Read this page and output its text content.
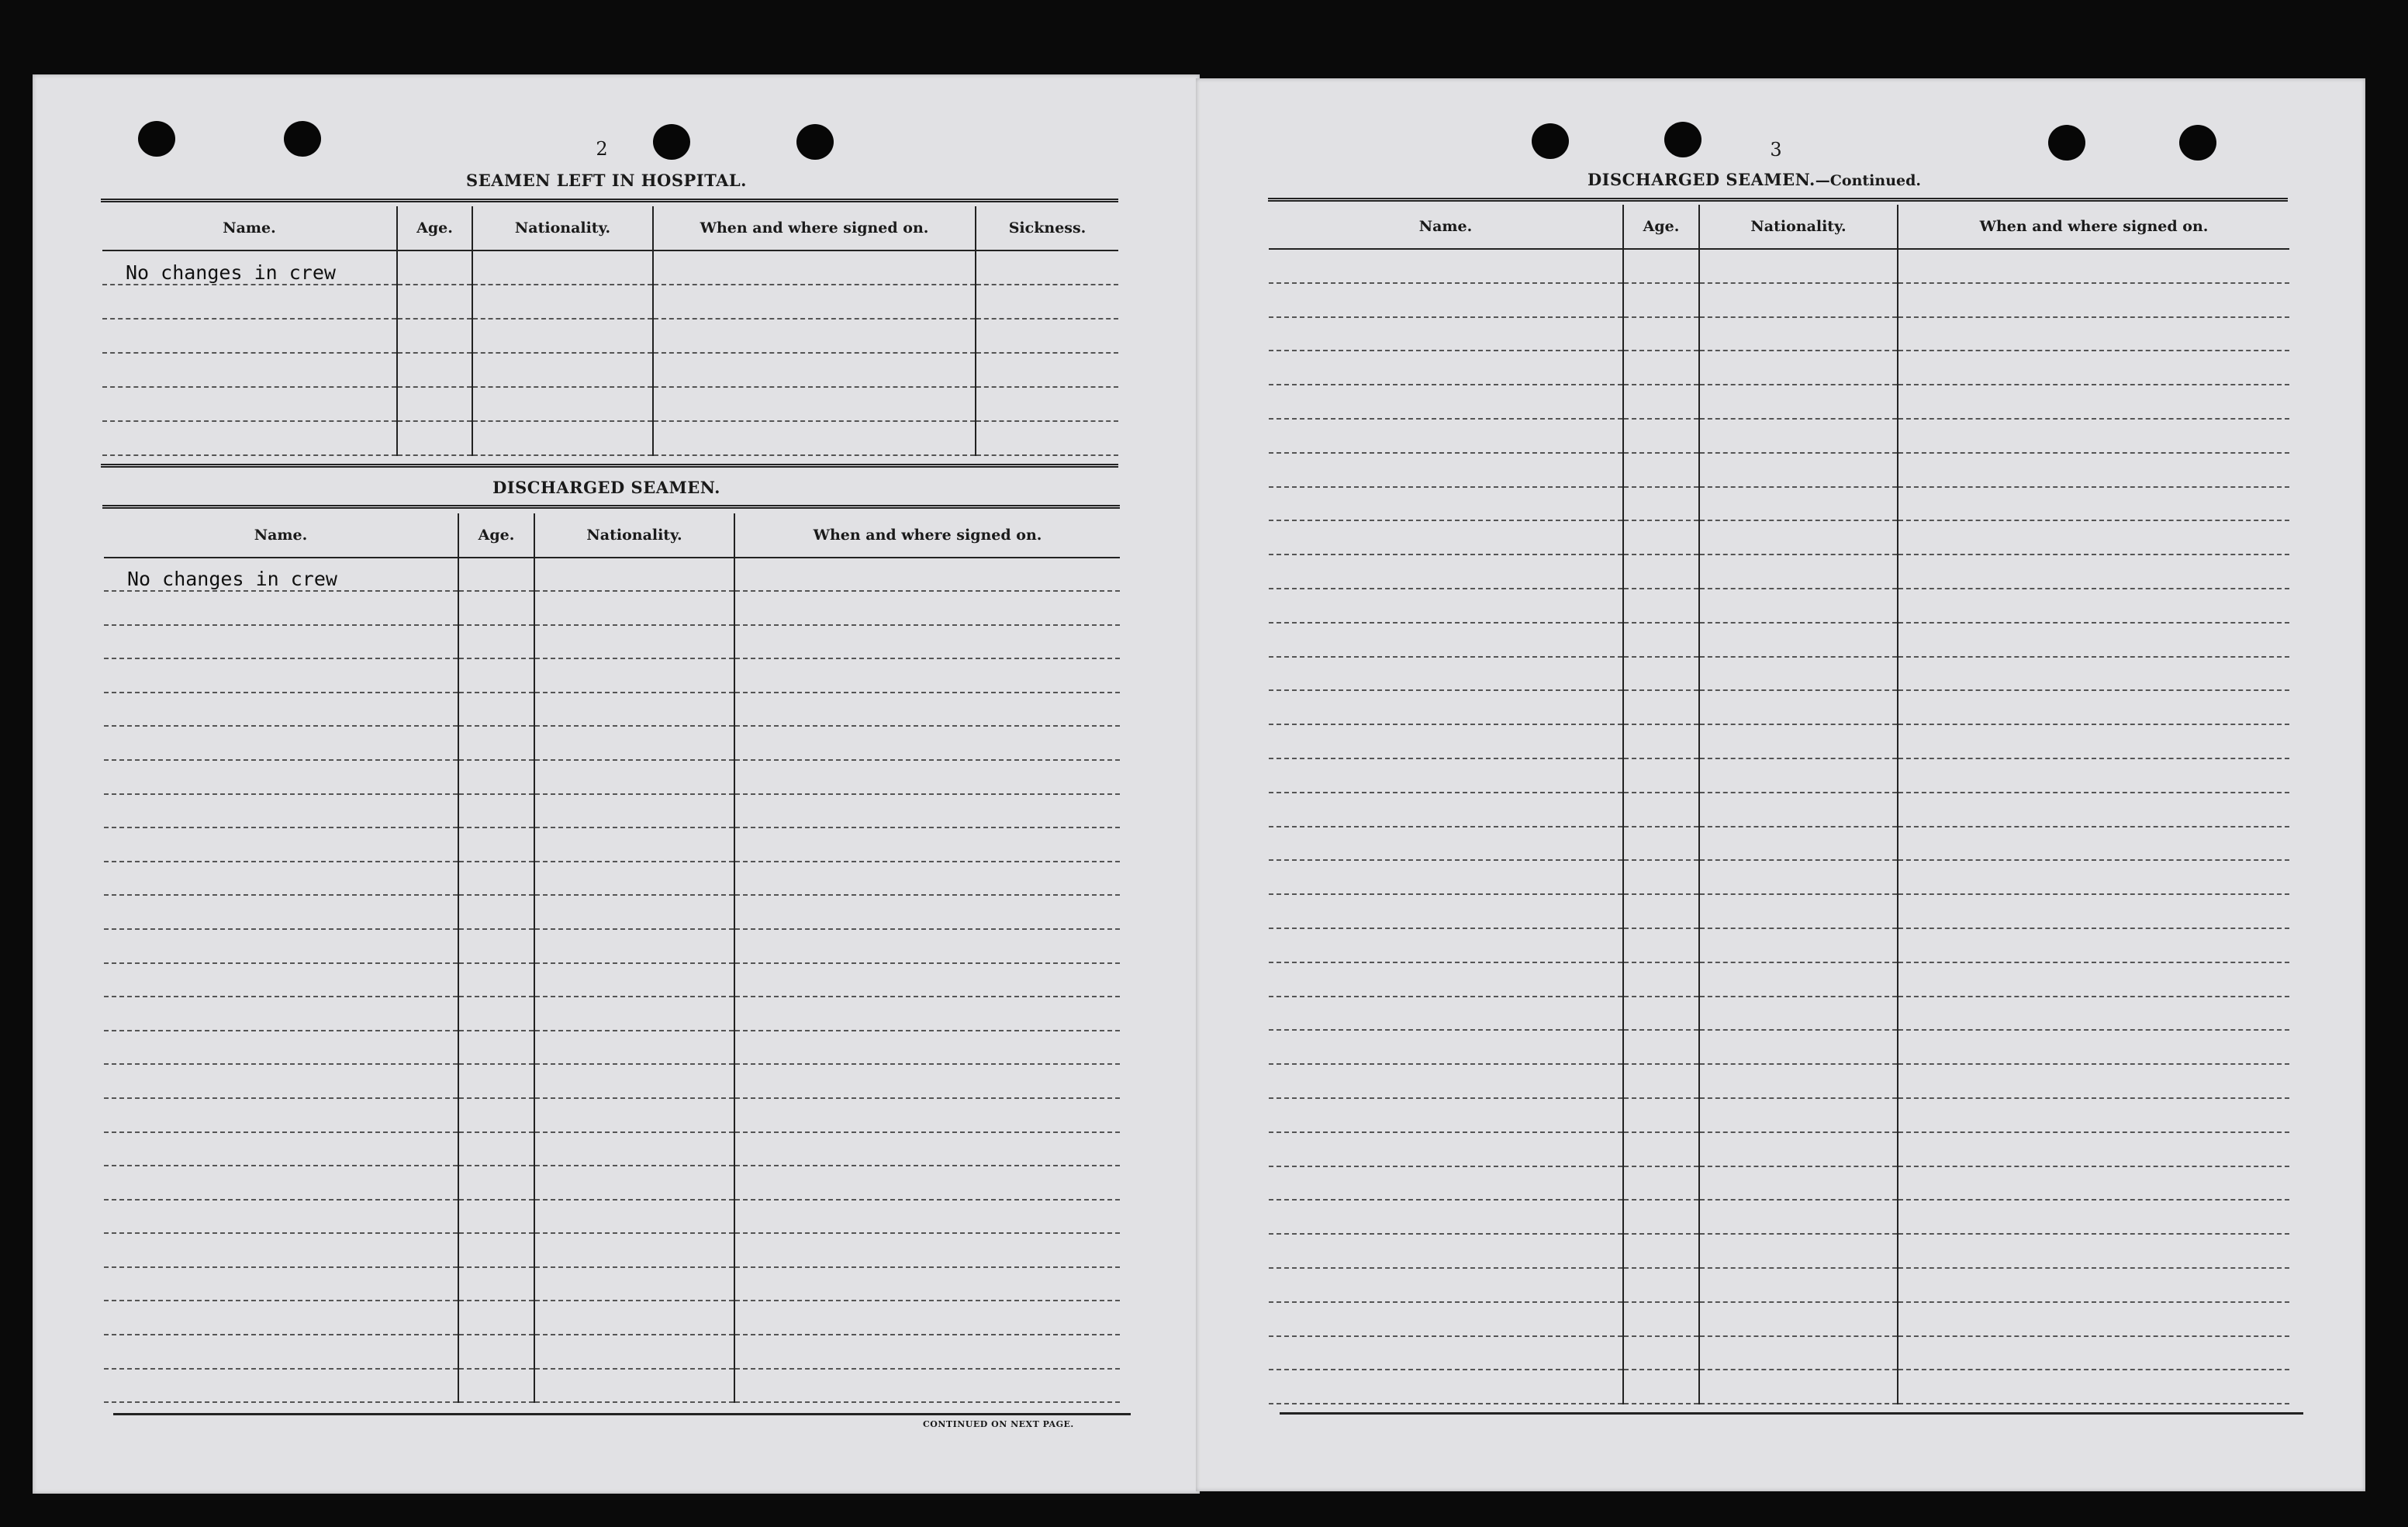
2
SEAMEN LEFT IN HOSPITAL.
Name.	Age.	Nationality.	When and where signed on.	Sickness.
No changes in crew				

DISCHARGED SEAMEN.
Name.	Age.	Nationality.	When and where signed on.
No changes in crew			

CONTINUED ON NEXT PAGE.
3
DISCHARGED SEAMEN.—Continued.
Name.	Age.	Nationality.	When and where signed on.
